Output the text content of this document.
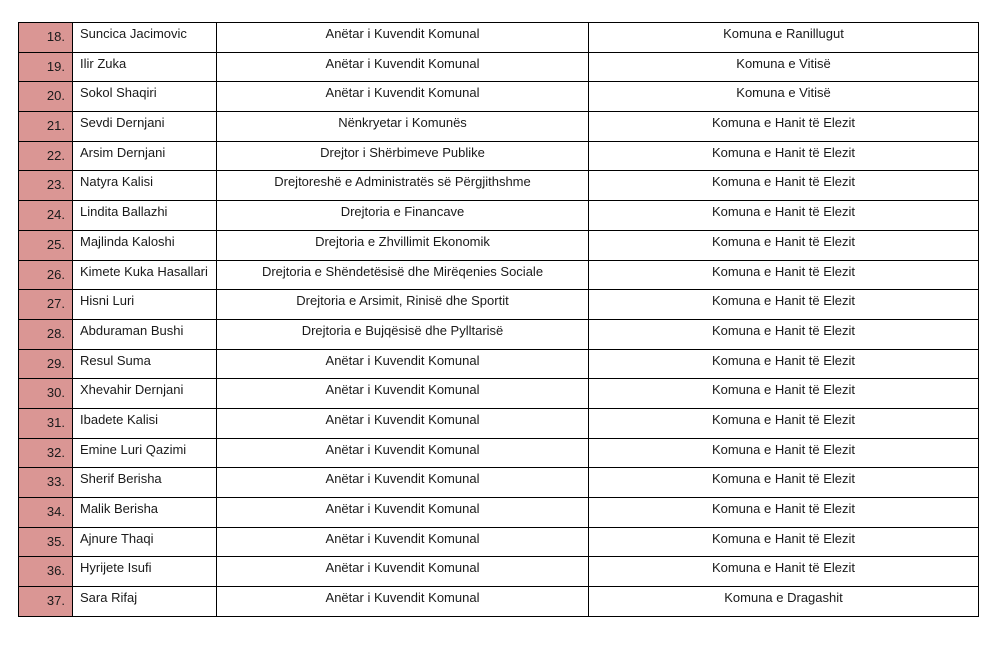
18.	Suncica Jacimovic	Anëtar i Kuvendit Komunal	Komuna e Ranillugut
19.	Ilir Zuka	Anëtar i Kuvendit Komunal	Komuna e Vitisë
20.	Sokol Shaqiri	Anëtar i Kuvendit Komunal	Komuna e Vitisë
21.	Sevdi Dernjani	Nënkryetar i Komunës	Komuna e Hanit të Elezit
22.	Arsim Dernjani	Drejtor i Shërbimeve Publike	Komuna e Hanit të Elezit
23.	Natyra Kalisi	Drejtoreshë e Administratës së Përgjithshme	Komuna e Hanit të Elezit
24.	Lindita Ballazhi	Drejtoria e Financave	Komuna e Hanit të Elezit
25.	Majlinda Kaloshi	Drejtoria e Zhvillimit Ekonomik	Komuna e Hanit të Elezit
26.	Kimete Kuka Hasallari	Drejtoria e Shëndetësisë dhe Mirëqenies Sociale	Komuna e Hanit të Elezit
27.	Hisni Luri	Drejtoria e Arsimit, Rinisë dhe Sportit	Komuna e Hanit të Elezit
28.	Abduraman Bushi	Drejtoria e Bujqësisë dhe Pylltarisë	Komuna e Hanit të Elezit
29.	Resul Suma	Anëtar i Kuvendit Komunal	Komuna e Hanit të Elezit
30.	Xhevahir Dernjani	Anëtar i Kuvendit Komunal	Komuna e Hanit të Elezit
31.	Ibadete Kalisi	Anëtar i Kuvendit Komunal	Komuna e Hanit të Elezit
32.	Emine Luri Qazimi	Anëtar i Kuvendit Komunal	Komuna e Hanit të Elezit
33.	Sherif Berisha	Anëtar i Kuvendit Komunal	Komuna e Hanit të Elezit
34.	Malik Berisha	Anëtar i Kuvendit Komunal	Komuna e Hanit të Elezit
35.	Ajnure Thaqi	Anëtar i Kuvendit Komunal	Komuna e Hanit të Elezit
36.	Hyrijete Isufi	Anëtar i Kuvendit Komunal	Komuna e Hanit të Elezit
37.	Sara Rifaj	Anëtar i Kuvendit Komunal	Komuna e Dragashit
